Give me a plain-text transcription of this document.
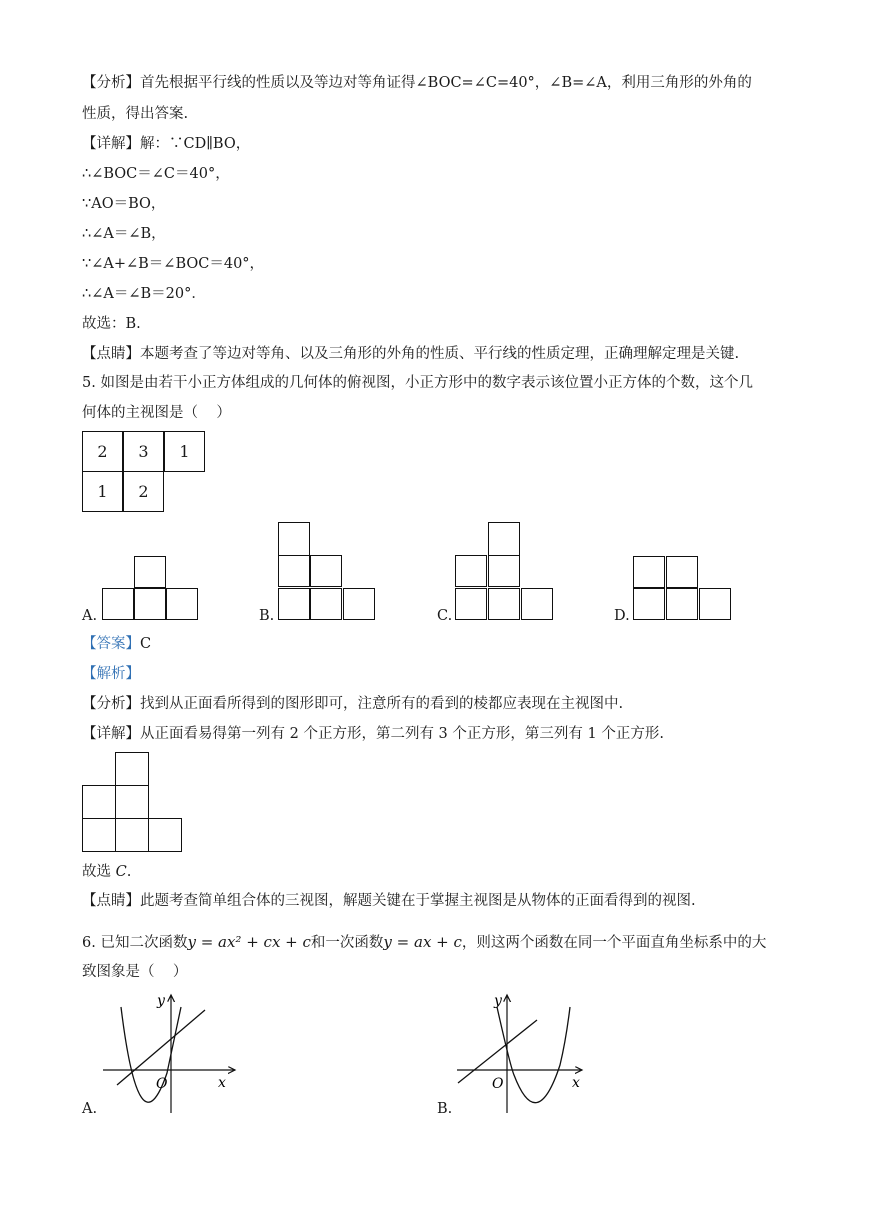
【分析】首先根据平行线的性质以及等边对等角证得∠BOC=∠C=40°，∠B=∠A，利用三角形的外角的
性质，得出答案.
【详解】解：∵CD∥BO，
∴∠BOC＝∠C＝40°，
∵AO＝BO，
∴∠A＝∠B，
∵∠A+∠B＝∠BOC＝40°，
∴∠A＝∠B＝20°．
故选：B.
【点睛】本题考查了等边对等角、以及三角形的外角的性质、平行线的性质定理，正确理解定理是关键.
5. 如图是由若干小正方体组成的几何体的俯视图，小正方形中的数字表示该位置小正方体的个数，这个几
何体的主视图是（    ）
2	3	1
1	2
A.	B.	C.	D.
【答案】C
【解析】
【分析】找到从正面看所得到的图形即可，注意所有的看到的棱都应表现在主视图中.
【详解】从正面看易得第一列有 2 个正方形，第二列有 3 个正方形，第三列有 1 个正方形.
故选 C.
【点睛】此题考查简单组合体的三视图，解题关键在于掌握主视图是从物体的正面看得到的视图.
6. 已知二次函数y = ax² + cx + c和一次函数y = ax + c，则这两个函数在同一个平面直角坐标系中的大
致图象是（    ）
y
x
O
A.
y
x
O
B.
